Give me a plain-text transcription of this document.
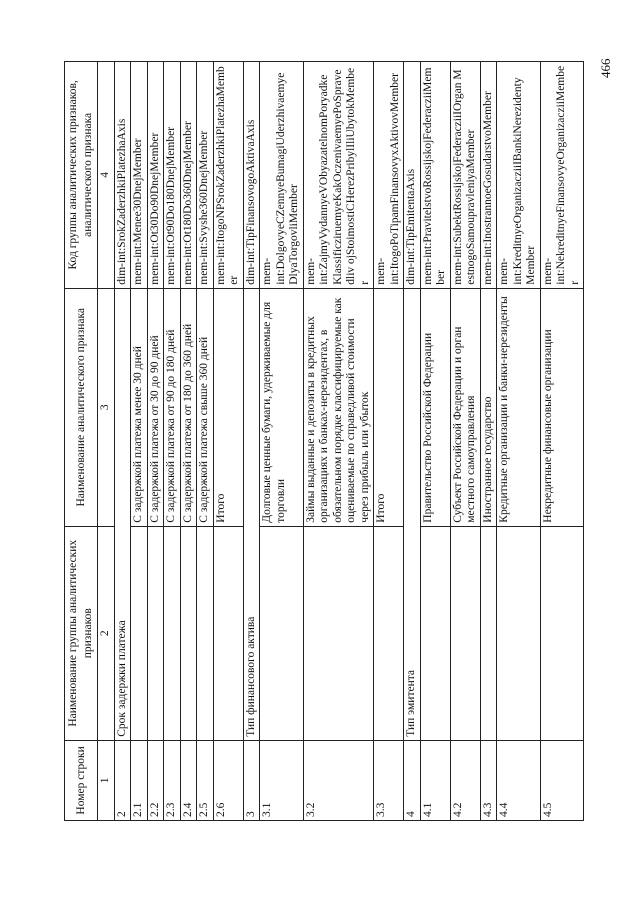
466
Номер строки	Наименование группы аналитических признаков	Наименование аналитического признака	Код группы аналитических признаков, аналитического признака
1	2	3	4
2	Срок задержки платежа		dim-int:SrokZaderzhkiPlatezhaAxis
2.1		С задержкой платежа менее 30 дней	mem-int:Menee30DnejMember
2.2		С задержкой платежа от 30 до 90 дней	mem-int:Ot30Do90DnejMember
2.3		С задержкой платежа от 90 до 180 дней	mem-int:Ot90Do180DnejMember
2.4		С задержкой платежа от 180 до 360 дней	mem-int:Ot180Do360DnejMember
2.5		С задержкой платежа свыше 360 дней	mem-int:Svyshe360DnejMember
2.6		Итого	mem-int:ItogoNPSrokZaderzhkiPlatezhaMember
3	Тип финансового актива		dim-int:TipFinansovogoAktivaAxis
3.1		Долговые ценные бумаги, удерживаемые для торговли	mem- int:DolgovyeCZennyeBumagiUderzhivaemye DlyaTorgovliMember
3.2		Займы выданные и депозиты в кредитных организациях и банках-нерезидентах, в обязательном порядке классифицируемые как оцениваемые по справедливой стоимости через прибыль или убыток	mem- int:ZajmyVydannyeVObyazatelnomPoryadke KlassificziruemyeKakOczenivaemyePoSpravedliv ojStoimostiCHerezPribylIliUbytokMember
3.3		Итого	mem- int:ItogoPoTipamFinansovyxAktivovMember
4	Тип эмитента		dim-int:TipEmitentaAxis
4.1		Правительство Российской Федерации	mem-int:PravitelstvoRossijskojFederacziiMember
4.2		Субъект Российской Федерации и орган местного самоуправления	mem-int:SubektRossijskojFederacziiIOrgan MestnogoSamoupravleniyaMember
4.3		Иностранное государство	mem-int:InostrannoeGosudarstvoMember
4.4		Кредитные организации и банки-нерезиденты	mem- int:KreditnyeOrganizacziiIBankiNerezidenty Member
4.5		Некредитные финансовые организации	mem- int:NekreditnyeFinansovyeOrganizacziiMember
